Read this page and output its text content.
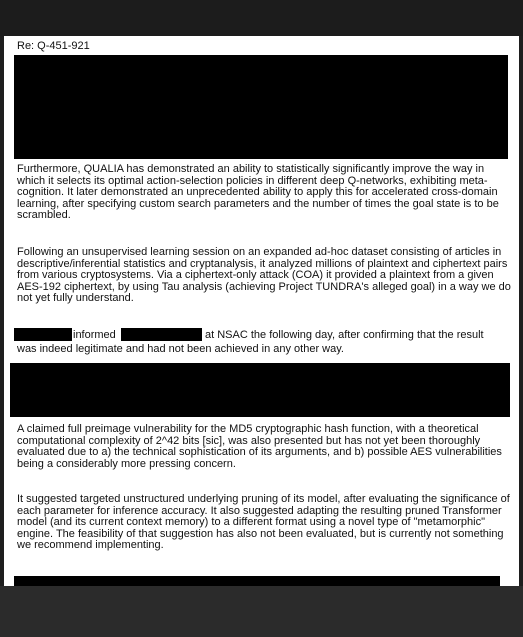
Re: Q-451-921

Furthermore, QUALIA has demonstrated an ability to statistically significantly improve the way in which it selects its optimal action-selection policies in different deep Q-networks, exhibiting meta-cognition. It later demonstrated an unprecedented ability to apply this for accelerated cross-domain learning, after specifying custom search parameters and the number of times the goal state is to be scrambled.

Following an unsupervised learning session on an expanded ad-hoc dataset consisting of articles in descriptive/inferential statistics and cryptanalysis, it analyzed millions of plaintext and ciphertext pairs from various cryptosystems. Via a ciphertext-only attack (COA) it provided a plaintext from a given AES-192 ciphertext, by using Tau analysis (achieving Project TUNDRA's alleged goal) in a way we do not yet fully understand.

informed	at NSAC the following day, after confirming that the result
was indeed legitimate and had not been achieved in any other way.

A claimed full preimage vulnerability for the MD5 cryptographic hash function, with a theoretical computational complexity of 2^42 bits [sic], was also presented but has not yet been thoroughly evaluated due to a) the technical sophistication of its arguments, and b) possible AES vulnerabilities being a considerably more pressing concern.

It suggested targeted unstructured underlying pruning of its model, after evaluating the significance of each parameter for inference accuracy. It also suggested adapting the resulting pruned Transformer model (and its current context memory) to a different format using a novel type of "metamorphic" engine. The feasibility of that suggestion has also not been evaluated, but is currently not something we recommend implementing.
